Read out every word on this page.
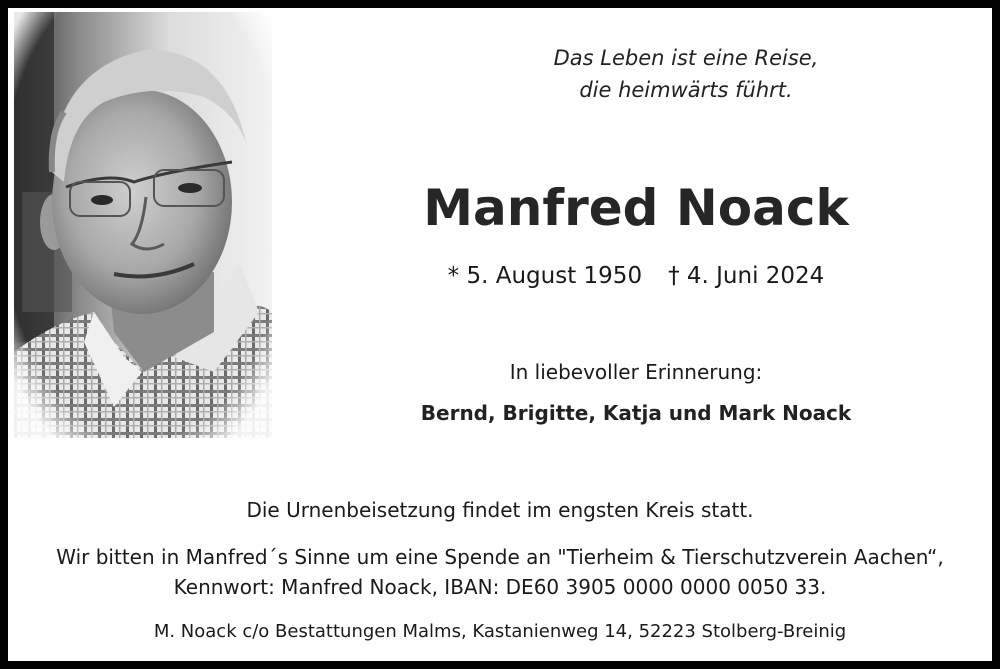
Das Leben ist eine Reise,
die heimwärts führt.
Manfred Noack
* 5. August 1950 † 4. Juni 2024
In liebevoller Erinnerung:
Bernd, Brigitte, Katja und Mark Noack
Die Urnenbeisetzung findet im engsten Kreis statt.
Wir bitten in Manfred´s Sinne um eine Spende an "Tierheim & Tierschutzverein Aachen“,
Kennwort: Manfred Noack, IBAN: DE60 3905 0000 0000 0050 33.
M. Noack c/o Bestattungen Malms, Kastanienweg 14, 52223 Stolberg-Breinig
